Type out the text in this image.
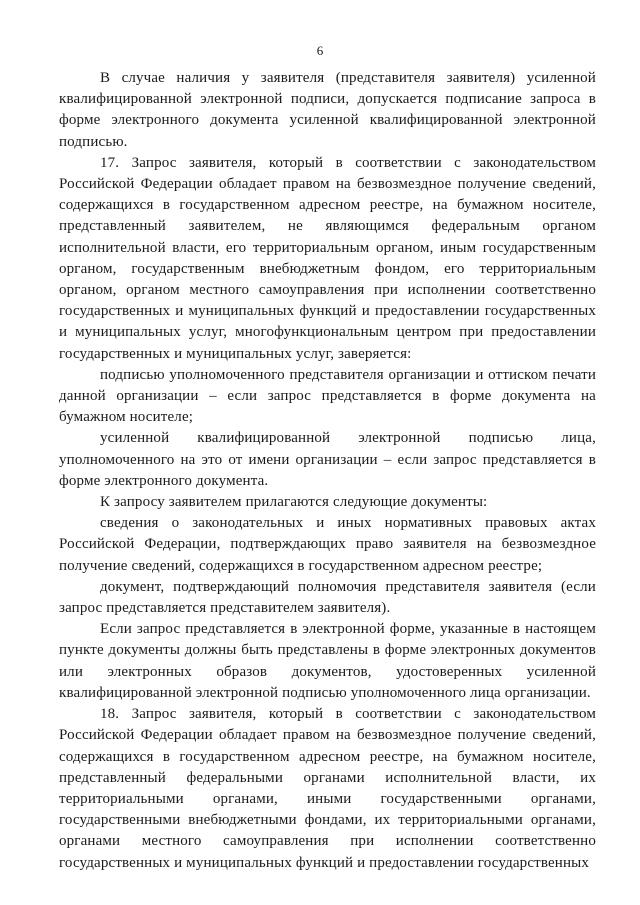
6

В случае наличия у заявителя (представителя заявителя) усиленной квалифицированной электронной подписи, допускается подписание запроса в форме электронного документа усиленной квалифицированной электронной подписью.

17. Запрос заявителя, который в соответствии с законодательством Российской Федерации обладает правом на безвозмездное получение сведений, содержащихся в государственном адресном реестре, на бумажном носителе, представленный заявителем, не являющимся федеральным органом исполнительной власти, его территориальным органом, иным государственным органом, государственным внебюджетным фондом, его территориальным органом, органом местного самоуправления при исполнении соответственно государственных и муниципальных функций и предоставлении государственных и муниципальных услуг, многофункциональным центром при предоставлении государственных и муниципальных услуг, заверяется:

подписью уполномоченного представителя организации и оттиском печати данной организации – если запрос представляется в форме документа на бумажном носителе;

усиленной квалифицированной электронной подписью лица, уполномоченного на это от имени организации – если запрос представляется в форме электронного документа.

К запросу заявителем прилагаются следующие документы:

сведения о законодательных и иных нормативных правовых актах Российской Федерации, подтверждающих право заявителя на безвозмездное получение сведений, содержащихся в государственном адресном реестре;

документ, подтверждающий полномочия представителя заявителя (если запрос представляется представителем заявителя).

Если запрос представляется в электронной форме, указанные в настоящем пункте документы должны быть представлены в форме электронных документов или электронных образов документов, удостоверенных усиленной квалифицированной электронной подписью уполномоченного лица организации.

18. Запрос заявителя, который в соответствии с законодательством Российской Федерации обладает правом на безвозмездное получение сведений, содержащихся в государственном адресном реестре, на бумажном носителе, представленный федеральными органами исполнительной власти, их территориальными органами, иными государственными органами, государственными внебюджетными фондами, их территориальными органами, органами местного самоуправления при исполнении соответственно государственных и муниципальных функций и предоставлении государственных
